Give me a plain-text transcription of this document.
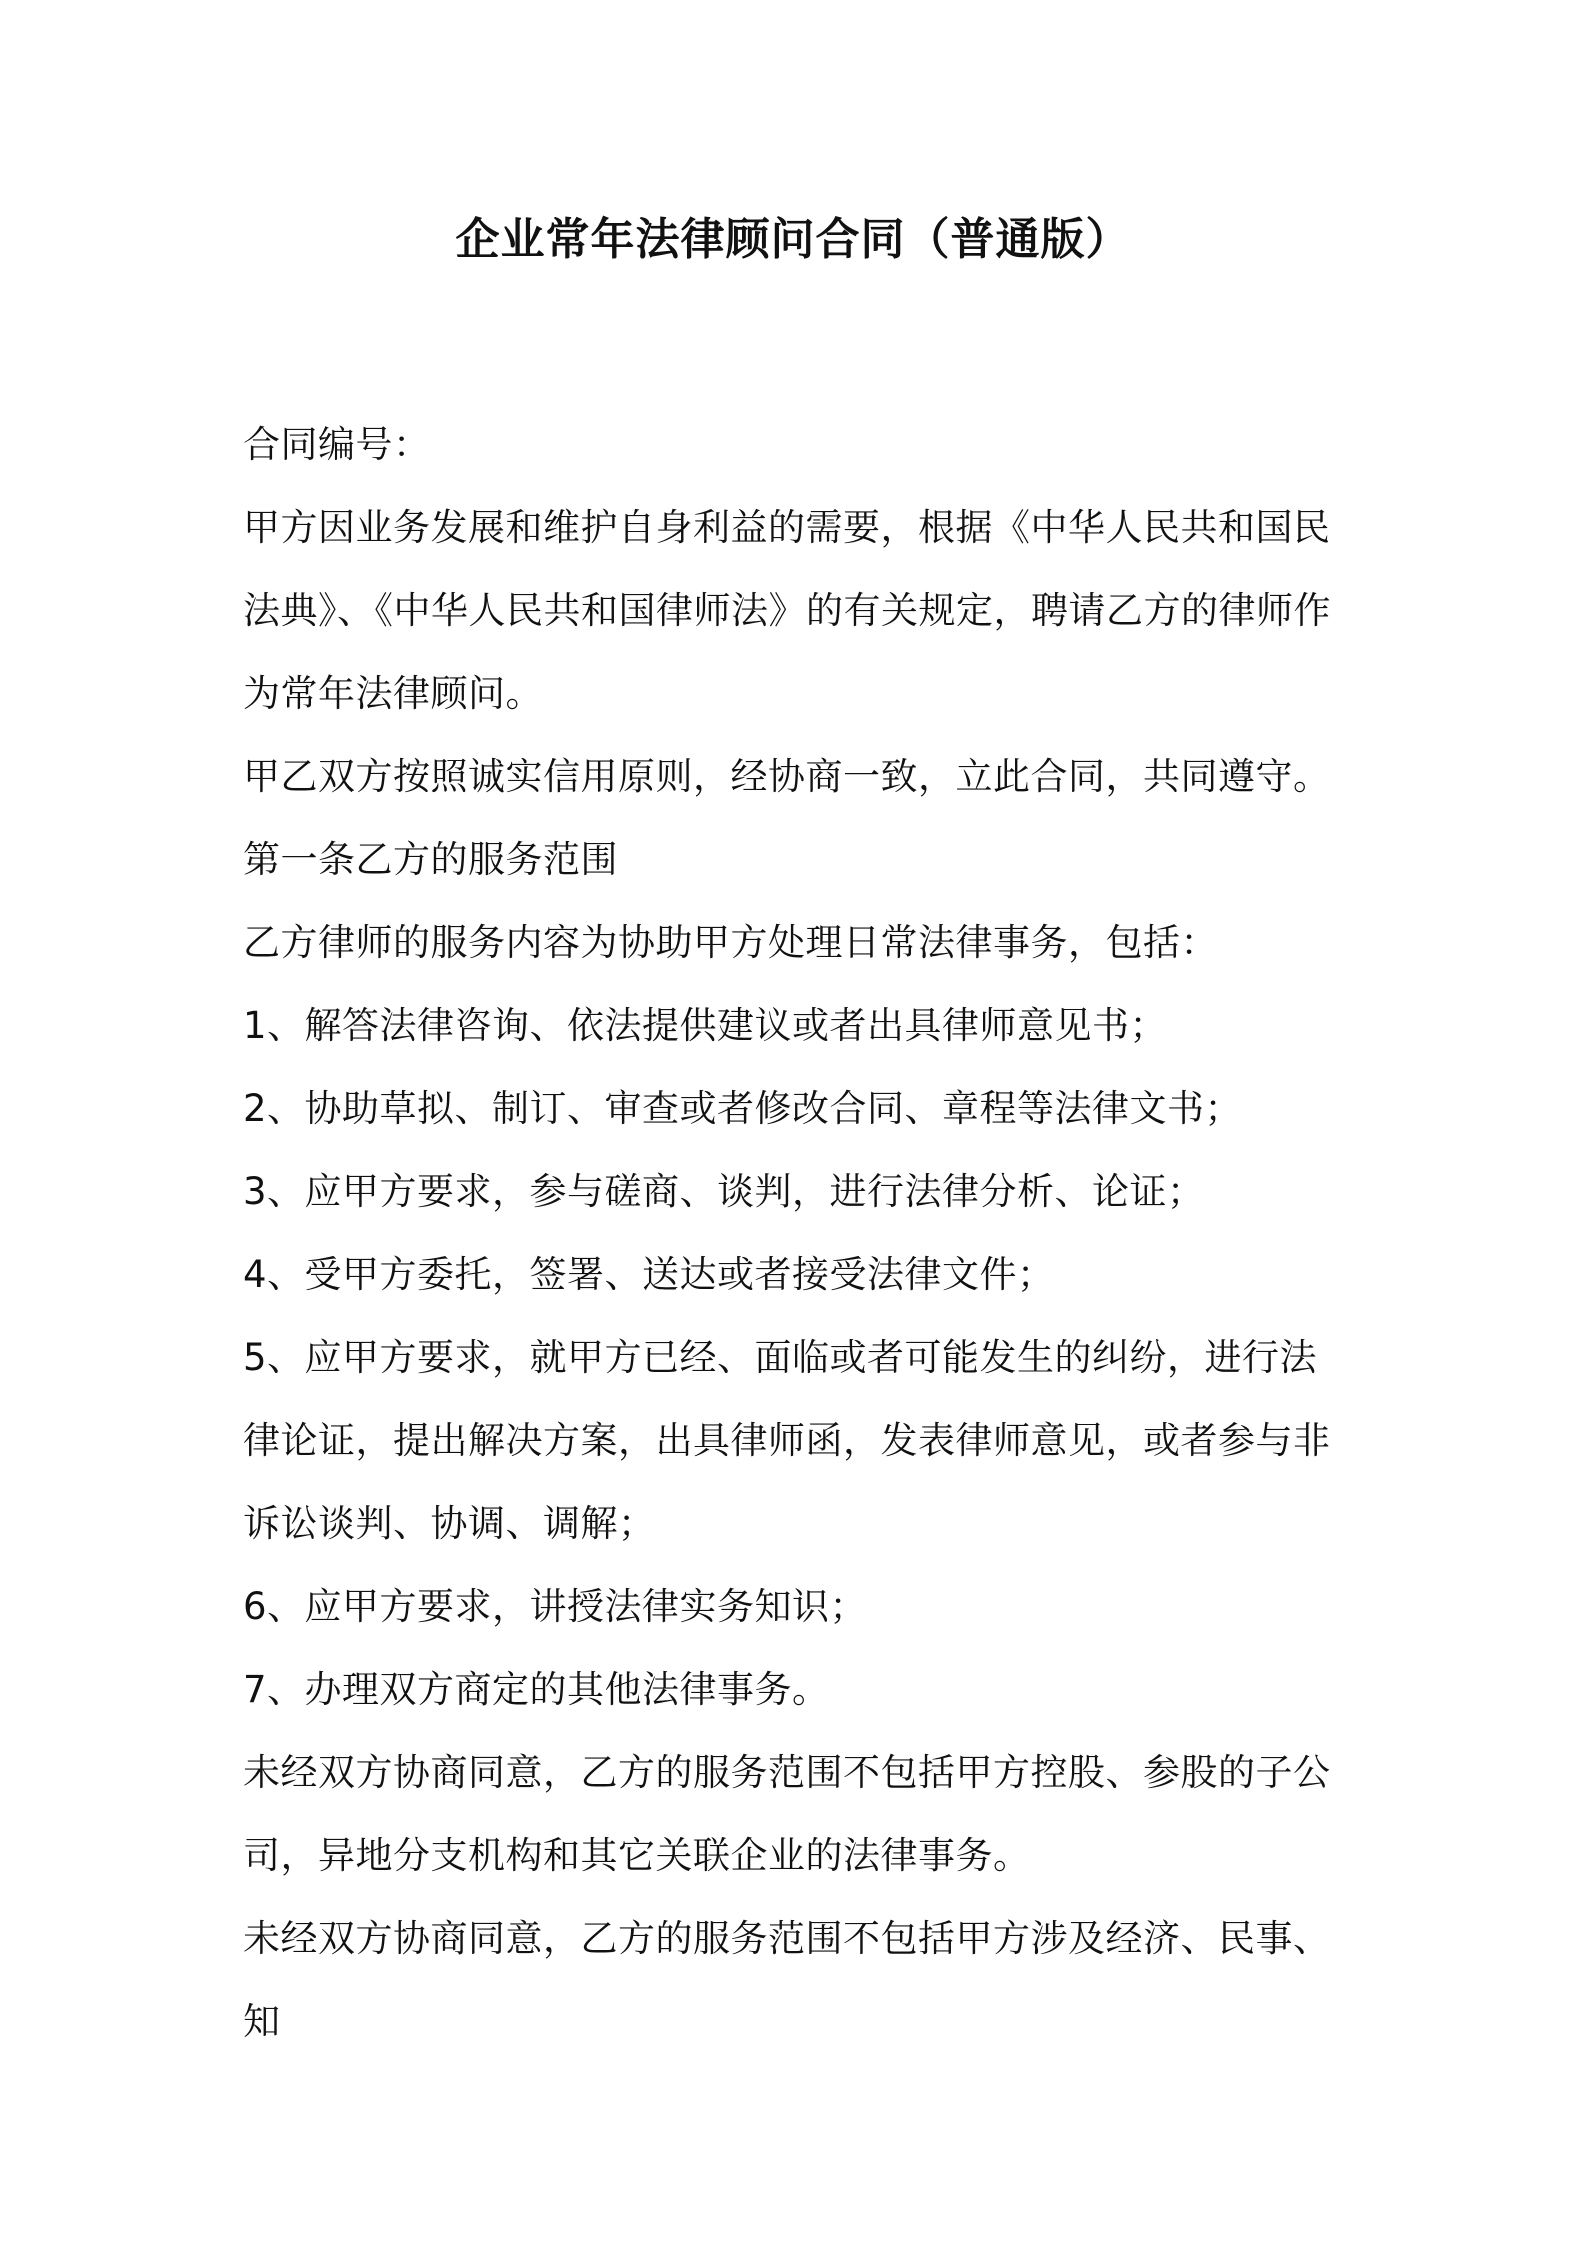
企业常年法律顾问合同（普通版）

合同编号：

甲方因业务发展和维护自身利益的需要，根据《中华人民共和国民法典》、《中华人民共和国律师法》的有关规定，聘请乙方的律师作为常年法律顾问。

甲乙双方按照诚实信用原则，经协商一致，立此合同，共同遵守。

第一条乙方的服务范围

乙方律师的服务内容为协助甲方处理日常法律事务，包括：

1、解答法律咨询、依法提供建议或者出具律师意见书；

2、协助草拟、制订、审查或者修改合同、章程等法律文书；

3、应甲方要求，参与磋商、谈判，进行法律分析、论证；

4、受甲方委托，签署、送达或者接受法律文件；

5、应甲方要求，就甲方已经、面临或者可能发生的纠纷，进行法律论证，提出解决方案，出具律师函，发表律师意见，或者参与非诉讼谈判、协调、调解；

6、应甲方要求，讲授法律实务知识；

7、办理双方商定的其他法律事务。

未经双方协商同意，乙方的服务范围不包括甲方控股、参股的子公司，异地分支机构和其它关联企业的法律事务。

未经双方协商同意，乙方的服务范围不包括甲方涉及经济、民事、知
